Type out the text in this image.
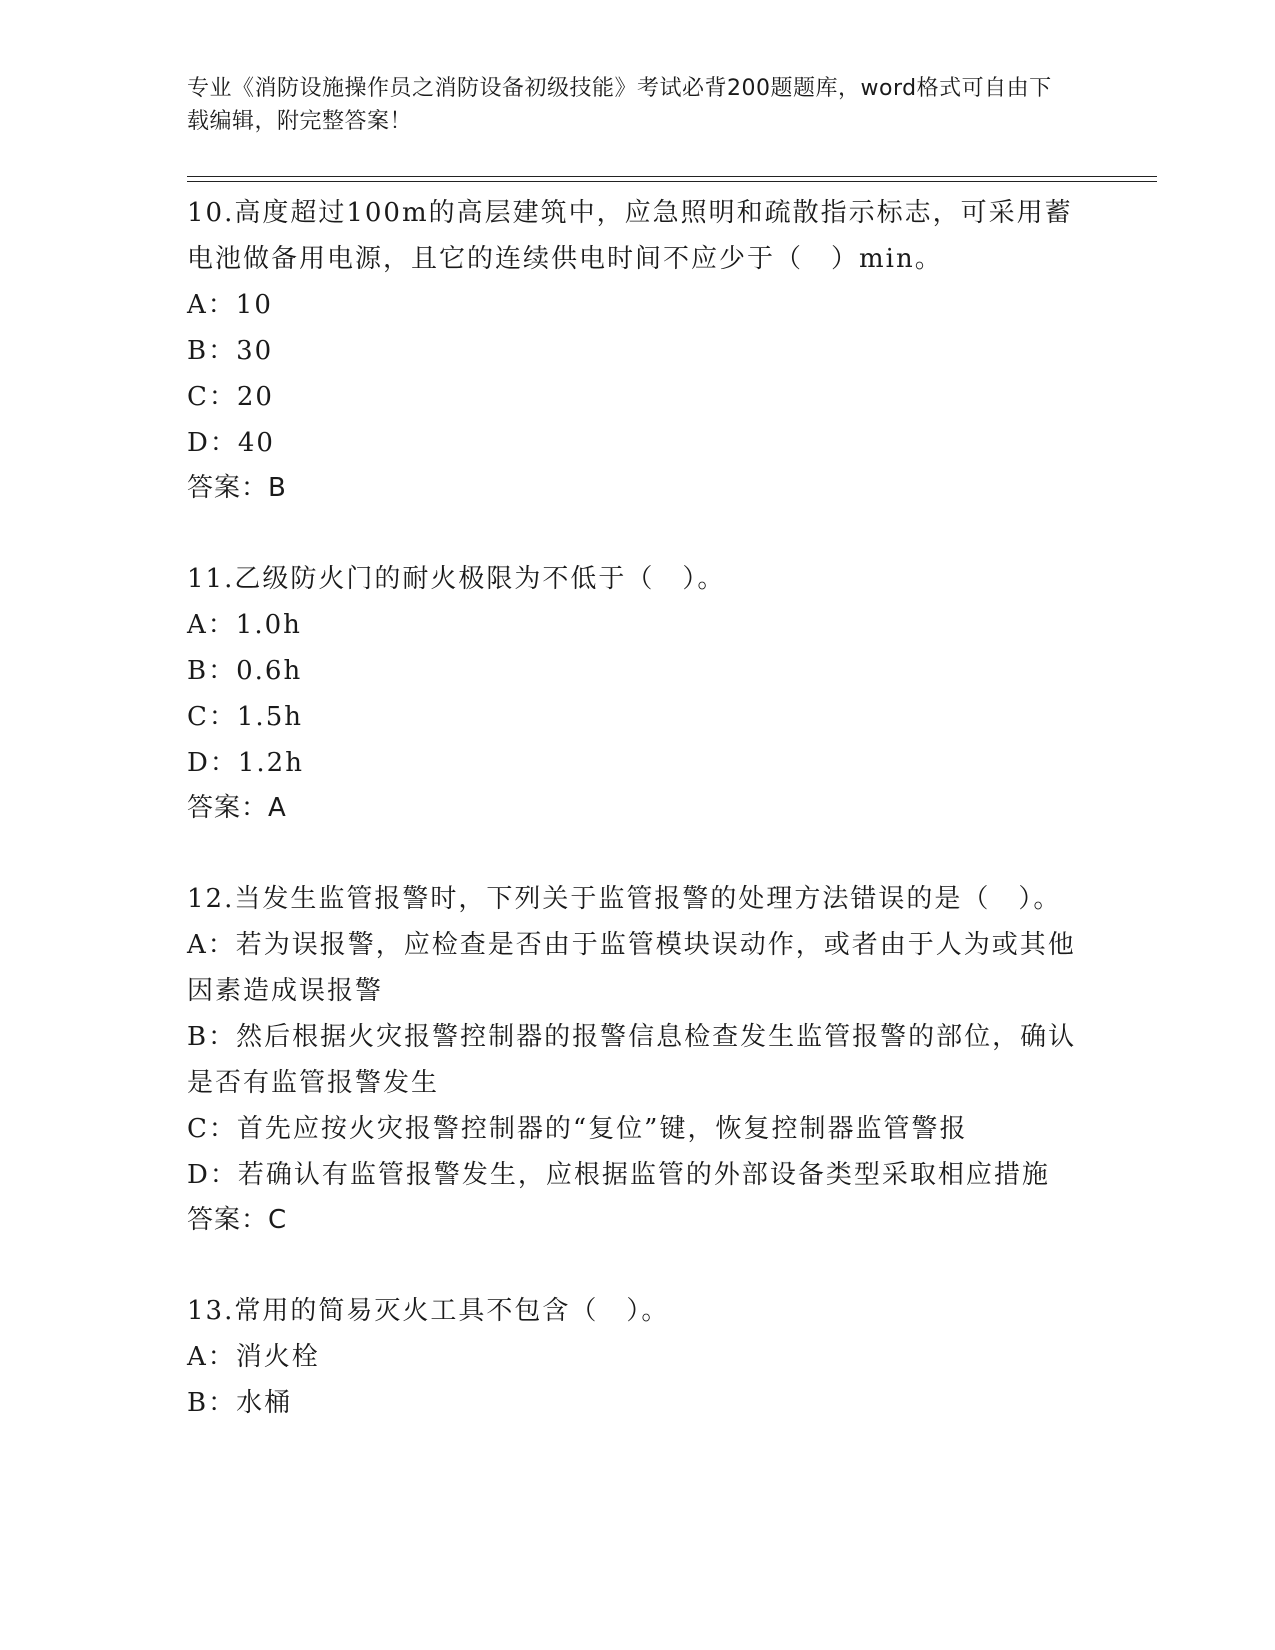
专业《消防设施操作员之消防设备初级技能》考试必背200题题库，word格式可自由下载编辑，附完整答案！

10.高度超过100m的高层建筑中，应急照明和疏散指示标志，可采用蓄电池做备用电源，且它的连续供电时间不应少于（　）min。

A：10

B：30

C：20

D：40

答案：B

11.乙级防火门的耐火极限为不低于（　）。

A：1.0h

B：0.6h

C：1.5h

D：1.2h

答案：A

12.当发生监管报警时，下列关于监管报警的处理方法错误的是（　）。

A：若为误报警，应检查是否由于监管模块误动作，或者由于人为或其他因素造成误报警

B：然后根据火灾报警控制器的报警信息检查发生监管报警的部位，确认是否有监管报警发生

C：首先应按火灾报警控制器的“复位”键，恢复控制器监管警报

D：若确认有监管报警发生，应根据监管的外部设备类型采取相应措施

答案：C

13.常用的简易灭火工具不包含（　）。

A：消火栓

B：水桶
